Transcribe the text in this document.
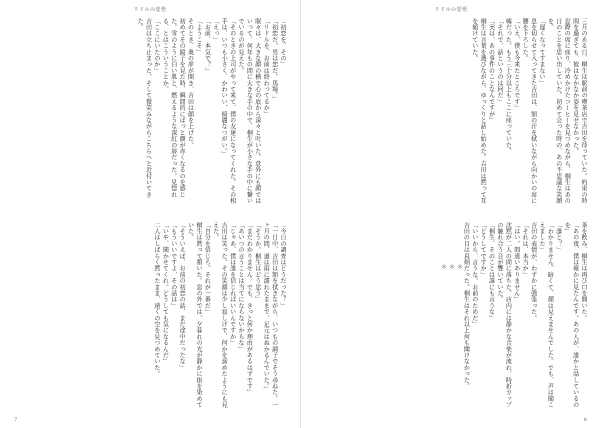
リドルの覚悟
「初恋を、その」
「初恋だ。男は恋だ。馬場。」
「リドルを、お前は終わってるか」
眠々は、大きな顔の横で心の底から深々と吐いた。意外にも顔ではいって、何年もの間に大きな手の中で、桐生が小さな手の中に繋いでいるのが見えた。
「そのときの上司がやって来て、僕の友達になってくれた。その相手は、いつも小さく、かわいい、綺麗なつがい。」
「えっ」
「お前、本気で？」
「ようこそ」
そのとき、奥の扉が開き、吉田は顔を上げた。
初めてその鏡子を見た時、瞬間的にぱっと顔が赤くなるのを感じた。雪のように白い肌と、燃えるような深紅の唇だった。見惚れる、とはこういうことか。
「ここにいたのか」
吉田は立ち止まった。そして微笑みながらこちらへと近付いてきた。
「今日の調査はどうだった？」
「一日中、吉田は額を拭きながら、いつもの調子でそう尋ねた。一ヶ月の間、道は雨に濡れたままで、足元はぬかるんでいた。」
「そうか。桐生はどう思う」
「まだわかりません。でも、きっと何か理由があるはずです」
「あいつの言うことは当てにならないからな」
「じゃあ、僕は誰を信じればいいんですか」
吉田は笑った。その笑顔は少し寂しげで、何かを諦めたようにも見えた。
「自分を信じろ。それが一番だ」
桐生は黙って頷いた。窓の外では、夕暮れの光が静かに街を染めていた。
「そういえば、お前の初恋の話、まだ途中だったな」
「もういいですよ、その話は」
「いや、聞かせてくれ。どうしても気になるんだ」
二人はしばらく黙ったまま、遠くの空を見つめていた。
7
リドルの覚悟
三月のある日、桐生は駅前の喫茶店で吉田を待っていた。約束の時間を過ぎても、彼はなかなか姿を見せなかった。
窓際の席に座り、冷めかけたコーヒーを見つめながら、桐生はあの日のことを思い出していた。初めて会った時の、あの不思議な笑顔を。
「遅くなってすまない」
息を切らせて入ってきた吉田は、額の汗を拭いながら向かいの席に腰を下ろした。
「いえ、僕も今来たところです」
嘘だった。もう三十分以上もここに座っていた。
「それで、話というのは何だ」
「実は、あの事件のことなんですが」
桐生は言葉を選びながら、ゆっくりと話し始めた。吉田は黙って耳を傾けていた。
＊＊＊	茶を飲み、桐生は再び口を開いた。
「あの夜、僕は確かに見たんです。あの人が、誰かと話しているのを」
「誰と？」
「わかりません。暗くて、顔は見えませんでした。でも、声は聞こえました」
吉田の表情が、わずかに強張った。
「それは、本当か」
「はい。間違いありません」
沈黙が二人の間に落ちた。店内には静かな音楽が流れ、時折カップの触れ合う音が響いていた。
「桐生、そのことは誰にも言うな」
「どうしてですか」
「いいから、言うな。お前のためだ」
吉田の目は真剣だった。桐生はそれ以上何も聞けなかった。
6
